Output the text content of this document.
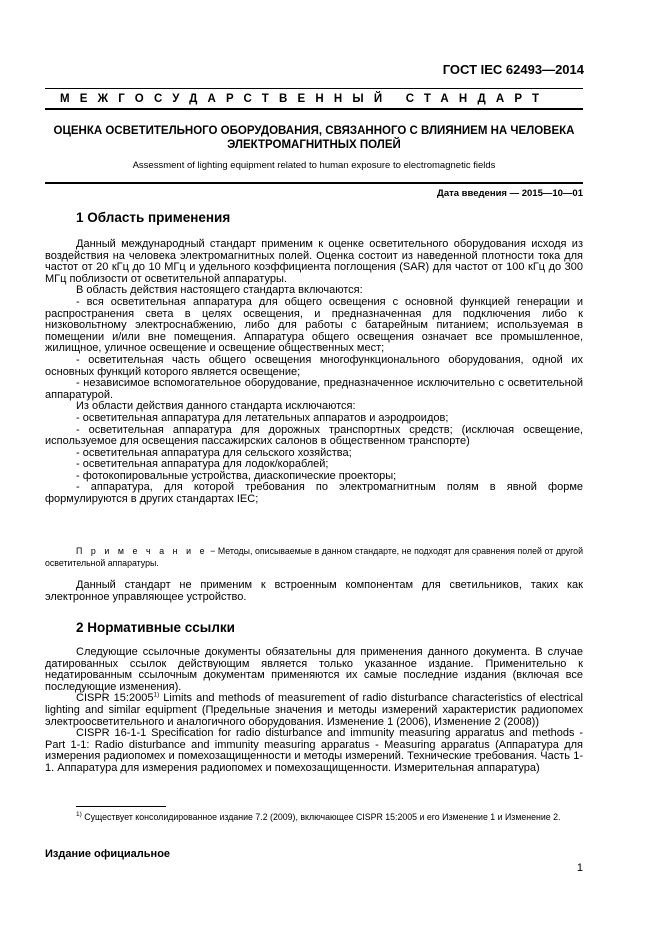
ГОСТ IEC 62493—2014
МЕЖГОСУДАРСТВЕННЫЙ СТАНДАРТ
ОЦЕНКА ОСВЕТИТЕЛЬНОГО ОБОРУДОВАНИЯ, СВЯЗАННОГО С ВЛИЯНИЕМ НА ЧЕЛОВЕКА ЭЛЕКТРОМАГНИТНЫХ ПОЛЕЙ
Assessment of lighting equipment related to human exposure to electromagnetic fields
Дата введения — 2015—10—01
1 Область применения

Данный международный стандарт применим к оценке осветительного оборудования исходя из воздействия на человека электромагнитных полей. Оценка состоит из наведенной плотности тока для частот от 20 кГц до 10 МГц и удельного коэффициента поглощения (SAR) для частот от 100 кГц до 300 МГц поблизости от осветительной аппаратуры.

В область действия настоящего стандарта включаются:

- вся осветительная аппаратура для общего освещения с основной функцией генерации и распространения света в целях освещения, и предназначенная для подключения либо к низковольтному электроснабжению, либо для работы с батарейным питанием; используемая в помещении и/или вне помещения. Аппаратура общего освещения означает все промышленное, жилищное, уличное освещение и освещение общественных мест;

- осветительная часть общего освещения многофункционального оборудования, одной их основных функций которого является освещение;

- независимое вспомогательное оборудование, предназначенное исключительно с осветительной аппаратурой.

Из области действия данного стандарта исключаются:

- осветительная аппаратура для летательных аппаратов и аэродроидов;

- осветительная аппаратура для дорожных транспортных средств; (исключая освещение, используемое для освещения пассажирских салонов в общественном транспорте)

- осветительная аппаратура для сельского хозяйства;

- осветительная аппаратура для лодок/кораблей;

- фотокопировальные устройства, диаскопические проекторы;

- аппаратура, для которой требования по электромагнитным полям в явной форме формулируются в других стандартах IEC;

П р и м е ч а н и е − Методы, описываемые в данном стандарте, не подходят для сравнения полей от другой осветительной аппаратуры.

Данный стандарт не применим к встроенным компонентам для светильников, таких как электронное управляющее устройство.

2 Нормативные ссылки

Следующие ссылочные документы обязательны для применения данного документа. В случае датированных ссылок действующим является только указанное издание. Применительно к недатированным ссылочным документам применяются их самые последние издания (включая все последующие изменения).

CISPR 15:2005$^{1)}$ Limits and methods of measurement of radio disturbance characteristics of electrical lighting and similar equipment (Предельные значения и методы измерений характеристик радиопомех электроосветительного и аналогичного оборудования. Изменение 1 (2006), Изменение 2 (2008))

CISPR 16-1-1 Specification for radio disturbance and immunity measuring apparatus and methods - Part 1-1: Radio disturbance and immunity measuring apparatus - Measuring apparatus (Аппаратура для измерения радиопомех и помехозащищенности и методы измерений. Технические требования. Часть 1-1. Аппаратура для измерения радиопомех и помехозащищенности. Измерительная аппаратура)

$^{1)}$ Существует консолидированное издание 7.2 (2009), включающее CISPR 15:2005 и его Изменение 1 и Изменение 2.

Издание официальное
1
